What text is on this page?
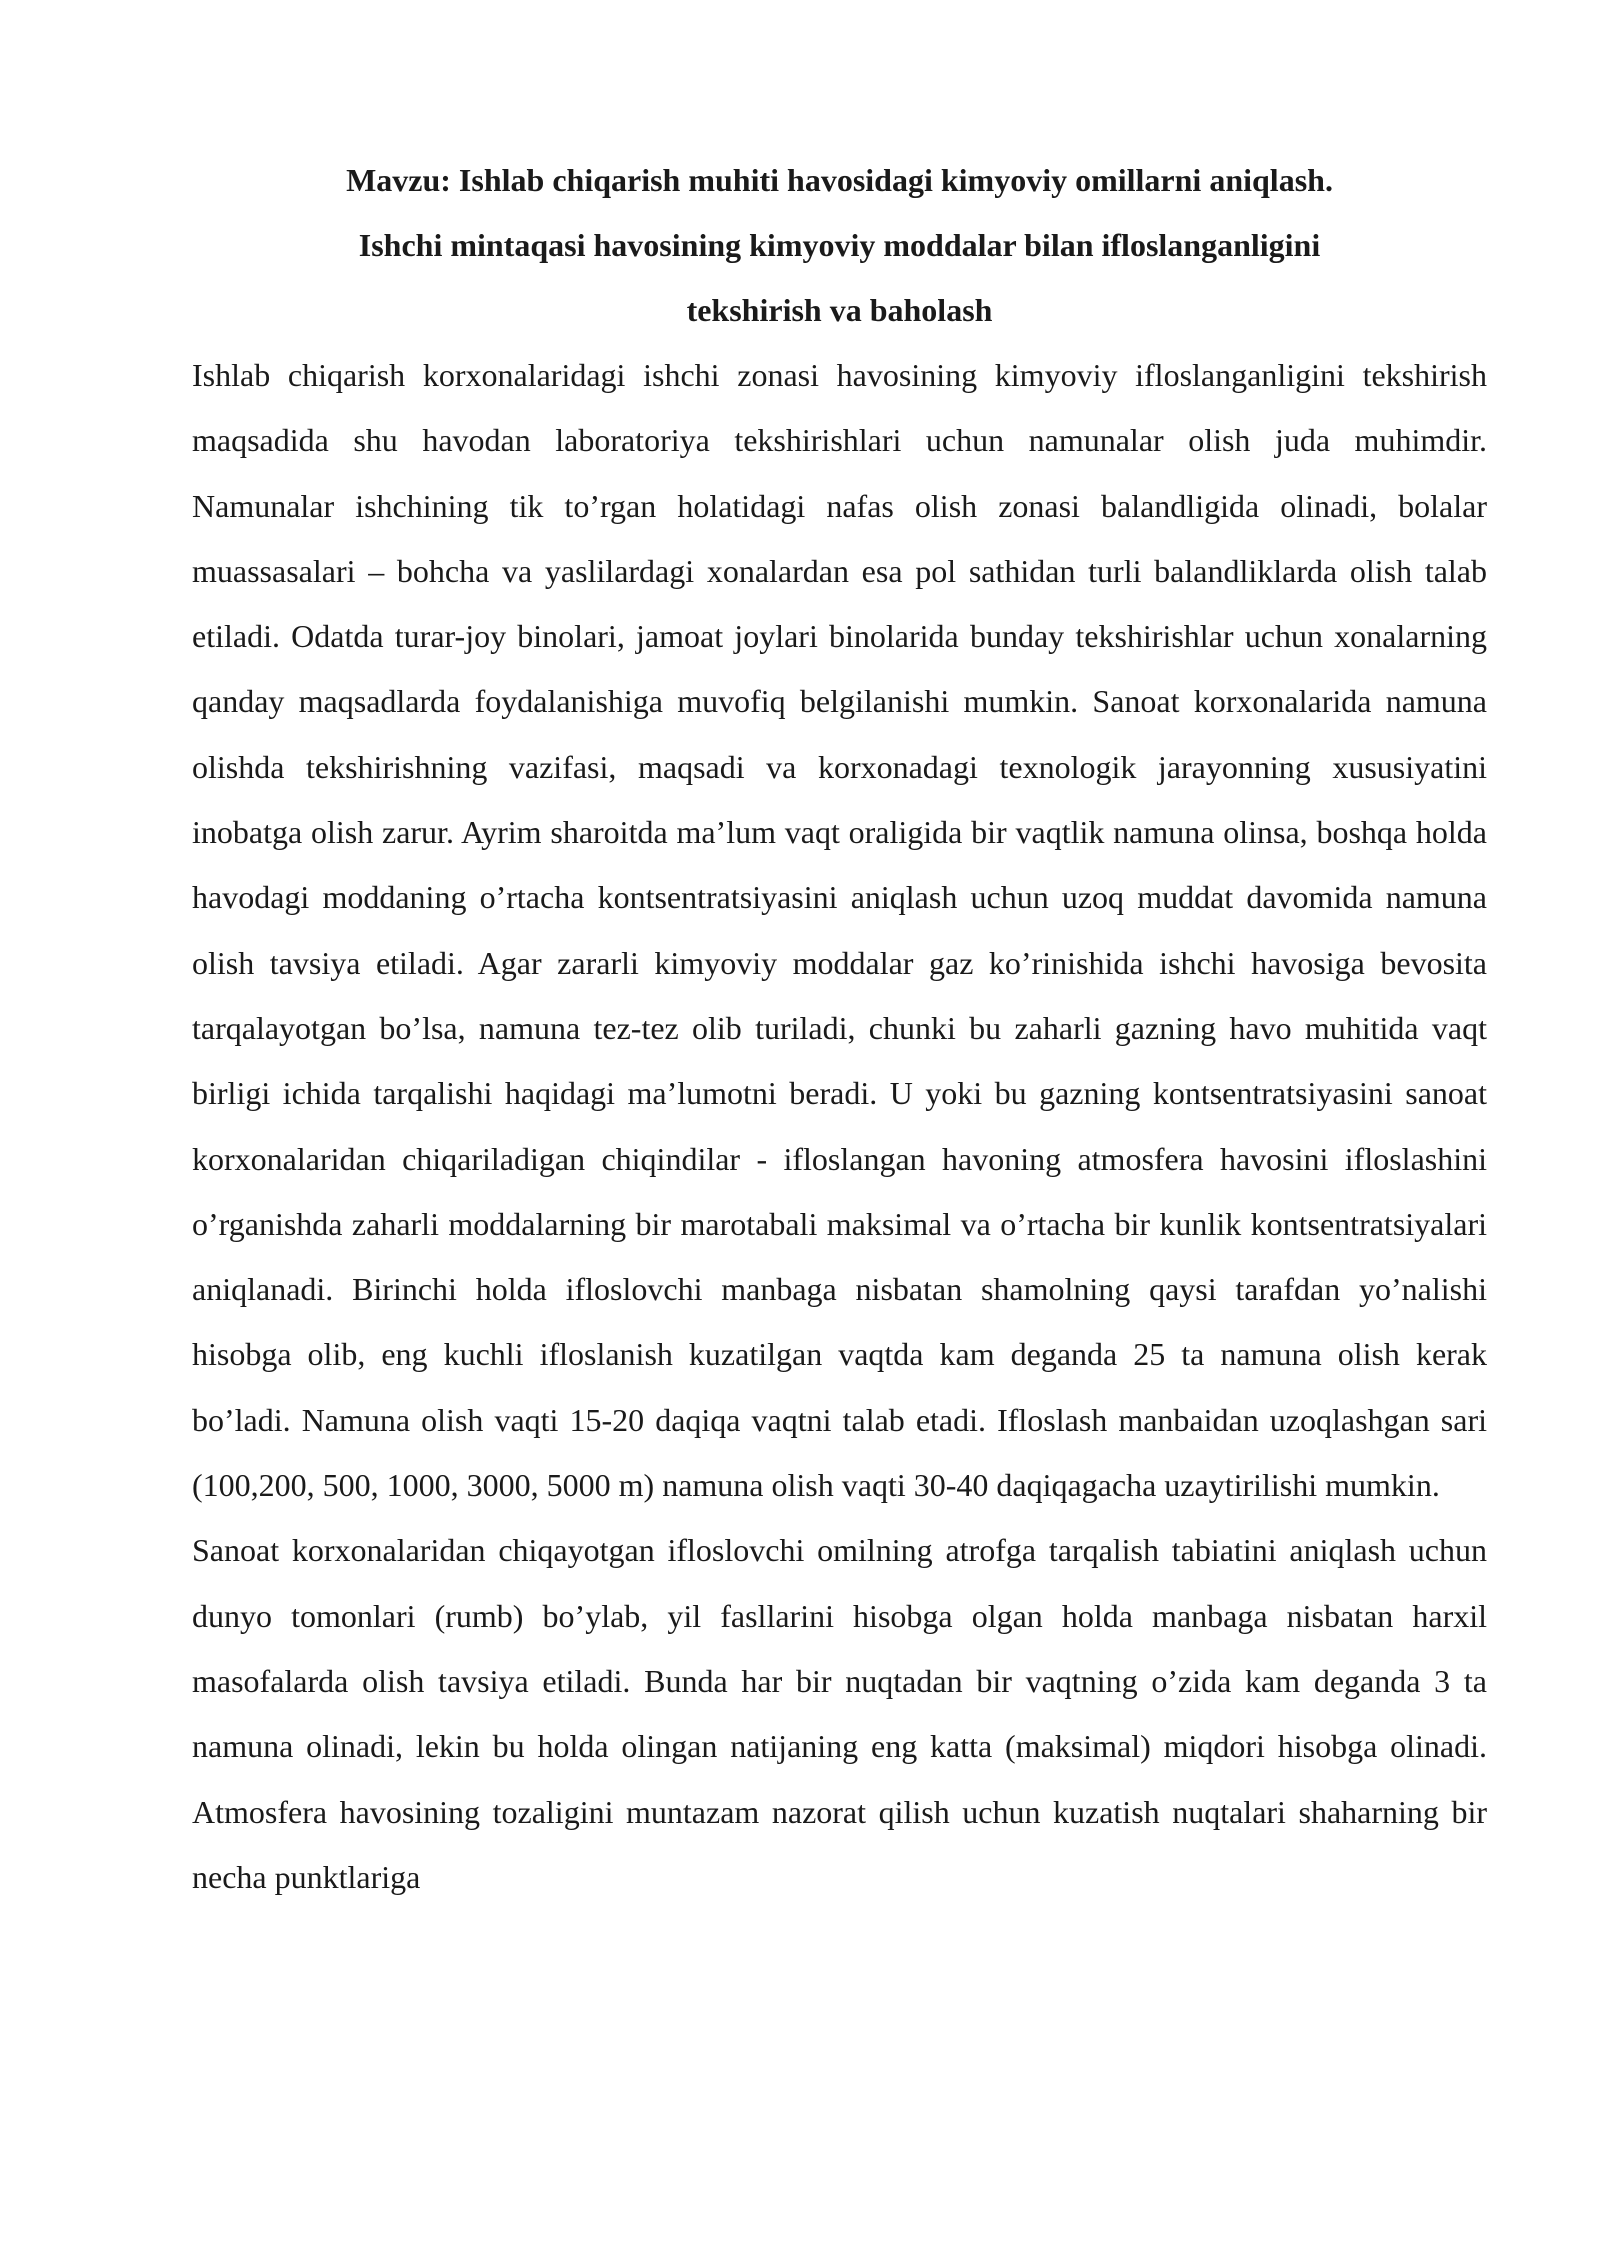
Mavzu: Ishlab chiqarish muhiti havosidagi kimyoviy omillarni aniqlash.
Ishchi mintaqasi havosining kimyoviy moddalar bilan ifloslanganligini
tekshirish va baholash

Ishlab chiqarish korxonalaridagi ishchi zonasi havosining kimyoviy ifloslanganligini tekshirish maqsadida shu havodan laboratoriya tekshirishlari uchun namunalar olish juda muhimdir. Namunalar ishchining tik to’rgan holatidagi nafas olish zonasi balandligida olinadi, bolalar muassasalari – bohcha va yaslilardagi xonalardan esa pol sathidan turli balandliklarda olish talab etiladi. Odatda turar-joy binolari, jamoat joylari binolarida bunday tekshirishlar uchun xonalarning qanday maqsadlarda foydalanishiga muvofiq belgilanishi mumkin. Sanoat korxonalarida namuna olishda tekshirishning vazifasi, maqsadi va korxonadagi texnologik jarayonning xususiyatini inobatga olish zarur. Ayrim sharoitda ma’lum vaqt oraligida bir vaqtlik namuna olinsa, boshqa holda havodagi moddaning o’rtacha kontsentratsiyasini aniqlash uchun uzoq muddat davomida namuna olish tavsiya etiladi. Agar zararli kimyoviy moddalar gaz ko’rinishida ishchi havosiga bevosita tarqalayotgan bo’lsa, namuna tez-tez olib turiladi, chunki bu zaharli gazning havo muhitida vaqt birligi ichida tarqalishi haqidagi ma’lumotni beradi. U yoki bu gazning kontsentratsiyasini sanoat korxonalaridan chiqariladigan chiqindilar - ifloslangan havoning atmosfera havosini ifloslashini o’rganishda zaharli moddalarning bir marotabali maksimal va o’rtacha bir kunlik kontsentratsiyalari aniqlanadi. Birinchi holda ifloslovchi manbaga nisbatan shamolning qaysi tarafdan yo’nalishi hisobga olib, eng kuchli ifloslanish kuzatilgan vaqtda kam deganda 25 ta namuna olish kerak bo’ladi. Namuna olish vaqti 15-20 daqiqa vaqtni talab etadi. Ifloslash manbaidan uzoqlashgan sari (100,200, 500, 1000, 3000, 5000 m) namuna olish vaqti 30-40 daqiqagacha uzaytirilishi mumkin.

Sanoat korxonalaridan chiqayotgan ifloslovchi omilning atrofga tarqalish tabiatini aniqlash uchun dunyo tomonlari (rumb) bo’ylab, yil fasllarini hisobga olgan holda manbaga nisbatan harxil masofalarda olish tavsiya etiladi. Bunda har bir nuqtadan bir vaqtning o’zida kam deganda 3 ta namuna olinadi, lekin bu holda olingan natijaning eng katta (maksimal) miqdori hisobga olinadi. Atmosfera havosining tozaligini muntazam nazorat qilish uchun kuzatish nuqtalari shaharning bir necha punktlariga
